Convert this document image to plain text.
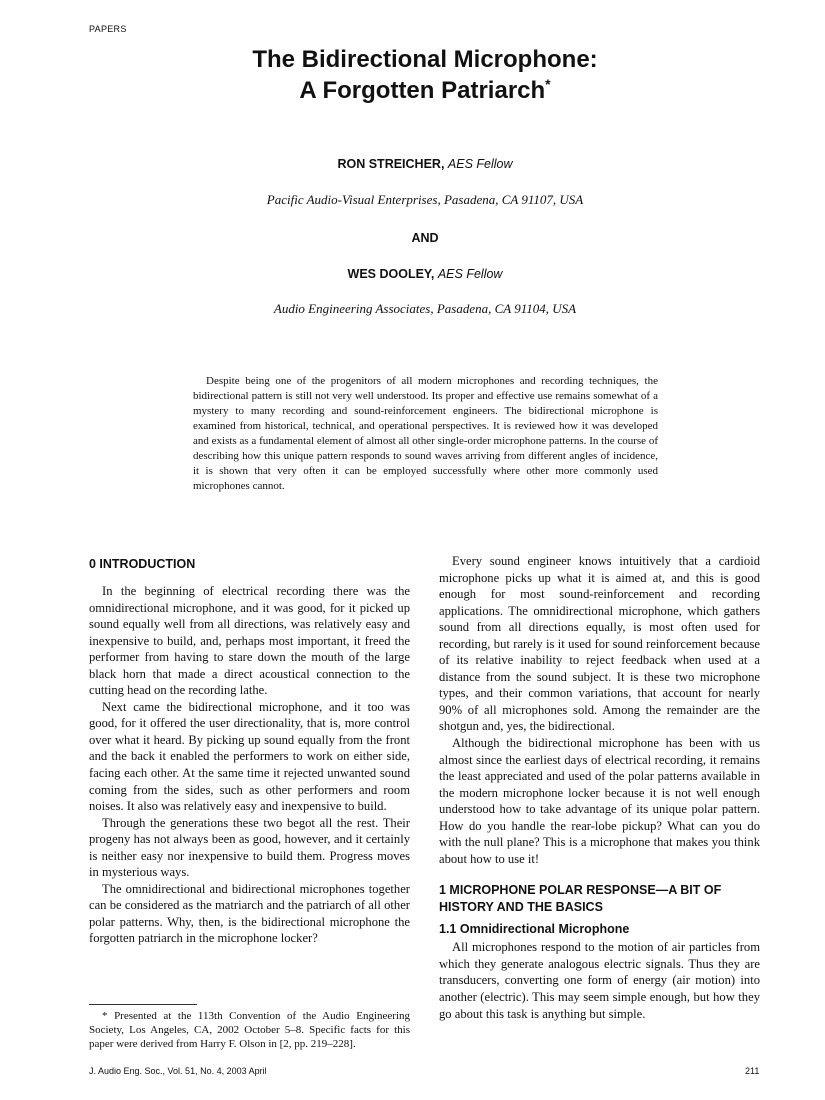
PAPERS
The Bidirectional Microphone:
A Forgotten Patriarch*
RON STREICHER, AES Fellow
Pacific Audio-Visual Enterprises, Pasadena, CA 91107, USA
AND
WES DOOLEY, AES Fellow
Audio Engineering Associates, Pasadena, CA 91104, USA
Despite being one of the progenitors of all modern microphones and recording techniques, the bidirectional pattern is still not very well understood. Its proper and effective use remains somewhat of a mystery to many recording and sound-reinforcement engineers. The bidirectional microphone is examined from historical, technical, and operational perspectives. It is reviewed how it was developed and exists as a fundamental element of almost all other single-order microphone patterns. In the course of describing how this unique pattern responds to sound waves arriving from different angles of incidence, it is shown that very often it can be employed successfully where other more commonly used microphones cannot.
0 INTRODUCTION

In the beginning of electrical recording there was the omnidirectional microphone, and it was good, for it picked up sound equally well from all directions, was relatively easy and inexpensive to build, and, perhaps most important, it freed the performer from having to stare down the mouth of the large black horn that made a direct acoustical connection to the cutting head on the recording lathe.

Next came the bidirectional microphone, and it too was good, for it offered the user directionality, that is, more control over what it heard. By picking up sound equally from the front and the back it enabled the performers to work on either side, facing each other. At the same time it rejected unwanted sound coming from the sides, such as other performers and room noises. It also was relatively easy and inexpensive to build.

Through the generations these two begot all the rest. Their progeny has not always been as good, however, and it certainly is neither easy nor inexpensive to build them. Progress moves in mysterious ways.

The omnidirectional and bidirectional microphones together can be considered as the matriarch and the patriarch of all other polar patterns. Why, then, is the bidirectional microphone the forgotten patriarch in the microphone locker?

Every sound engineer knows intuitively that a cardioid microphone picks up what it is aimed at, and this is good enough for most sound-reinforcement and recording applications. The omnidirectional microphone, which gathers sound from all directions equally, is most often used for recording, but rarely is it used for sound reinforcement because of its relative inability to reject feedback when used at a distance from the sound subject. It is these two microphone types, and their common variations, that account for nearly 90% of all microphones sold. Among the remainder are the shotgun and, yes, the bidirectional.

Although the bidirectional microphone has been with us almost since the earliest days of electrical recording, it remains the least appreciated and used of the polar patterns available in the modern microphone locker because it is not well enough understood how to take advantage of its unique polar pattern. How do you handle the rear-lobe pickup? What can you do with the null plane? This is a microphone that makes you think about how to use it!

1 MICROPHONE POLAR RESPONSE—A BIT OF HISTORY AND THE BASICS
1.1 Omnidirectional Microphone

All microphones respond to the motion of air particles from which they generate analogous electric signals. Thus they are transducers, converting one form of energy (air motion) into another (electric). This may seem simple enough, but how they go about this task is anything but simple.

* Presented at the 113th Convention of the Audio Engineering Society, Los Angeles, CA, 2002 October 5–8. Specific facts for this paper were derived from Harry F. Olson in [2, pp. 219–228].
J. Audio Eng. Soc., Vol. 51, No. 4, 2003 April	211
